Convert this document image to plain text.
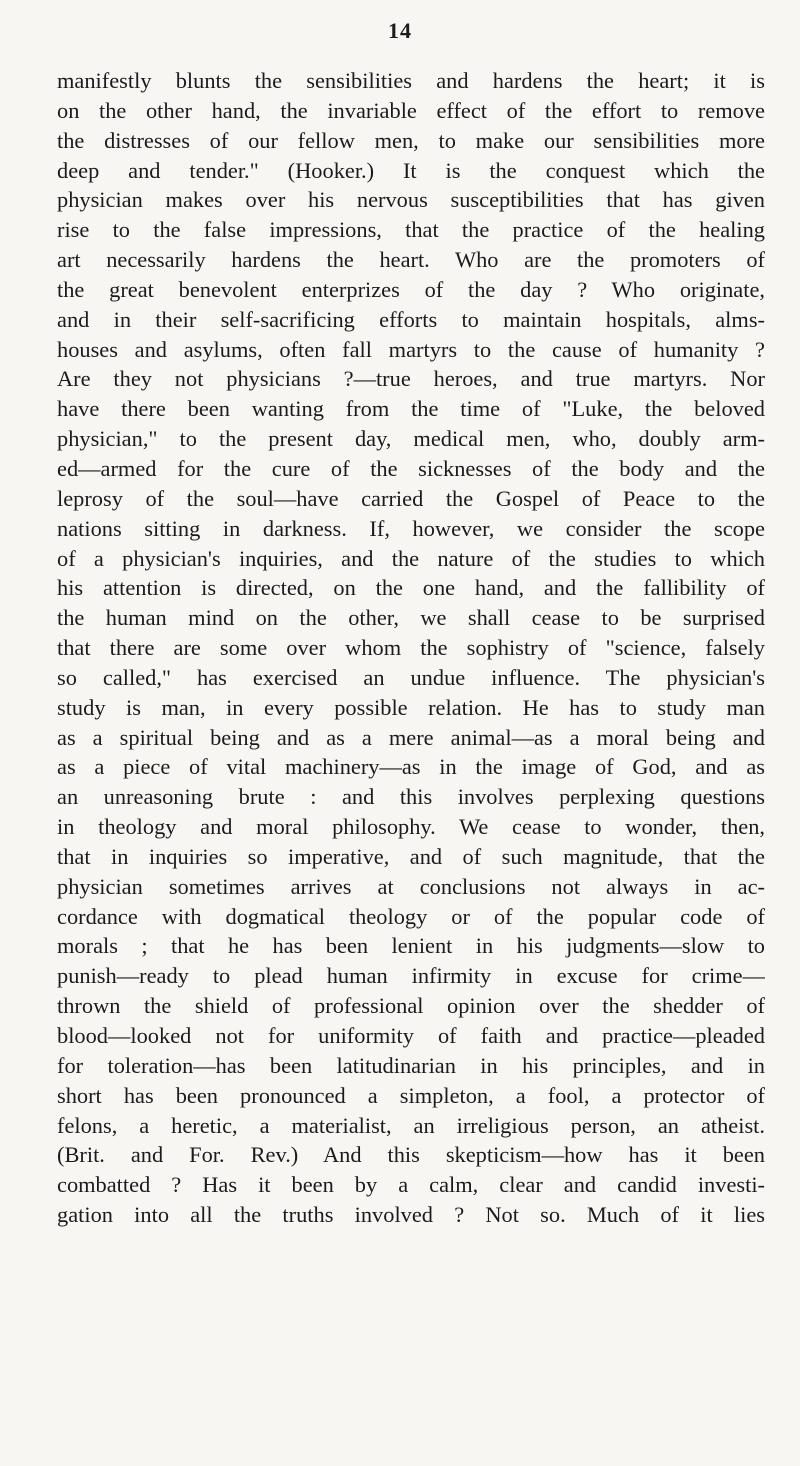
14
manifestly blunts the sensibilities and hardens the heart; it is
on the other hand, the invariable effect of the effort to remove
the distresses of our fellow men, to make our sensibilities more
deep and tender." (Hooker.) It is the conquest which the
physician makes over his nervous susceptibilities that has given
rise to the false impressions, that the practice of the healing
art necessarily hardens the heart. Who are the promoters of
the great benevolent enterprizes of the day ? Who originate,
and in their self-sacrificing efforts to maintain hospitals, alms-
houses and asylums, often fall martyrs to the cause of humanity ?
Are they not physicians ?—true heroes, and true martyrs. Nor
have there been wanting from the time of "Luke, the beloved
physician," to the present day, medical men, who, doubly arm-
ed—armed for the cure of the sicknesses of the body and the
leprosy of the soul—have carried the Gospel of Peace to the
nations sitting in darkness. If, however, we consider the scope
of a physician's inquiries, and the nature of the studies to which
his attention is directed, on the one hand, and the fallibility of
the human mind on the other, we shall cease to be surprised
that there are some over whom the sophistry of "science, falsely
so called," has exercised an undue influence. The physician's
study is man, in every possible relation. He has to study man
as a spiritual being and as a mere animal—as a moral being and
as a piece of vital machinery—as in the image of God, and as
an unreasoning brute : and this involves perplexing questions
in theology and moral philosophy. We cease to wonder, then,
that in inquiries so imperative, and of such magnitude, that the
physician sometimes arrives at conclusions not always in ac-
cordance with dogmatical theology or of the popular code of
morals ; that he has been lenient in his judgments—slow to
punish—ready to plead human infirmity in excuse for crime—
thrown the shield of professional opinion over the shedder of
blood—looked not for uniformity of faith and practice—pleaded
for toleration—has been latitudinarian in his principles, and in
short has been pronounced a simpleton, a fool, a protector of
felons, a heretic, a materialist, an irreligious person, an atheist.
(Brit. and For. Rev.) And this skepticism—how has it been
combatted ? Has it been by a calm, clear and candid investi-
gation into all the truths involved ? Not so. Much of it lies
